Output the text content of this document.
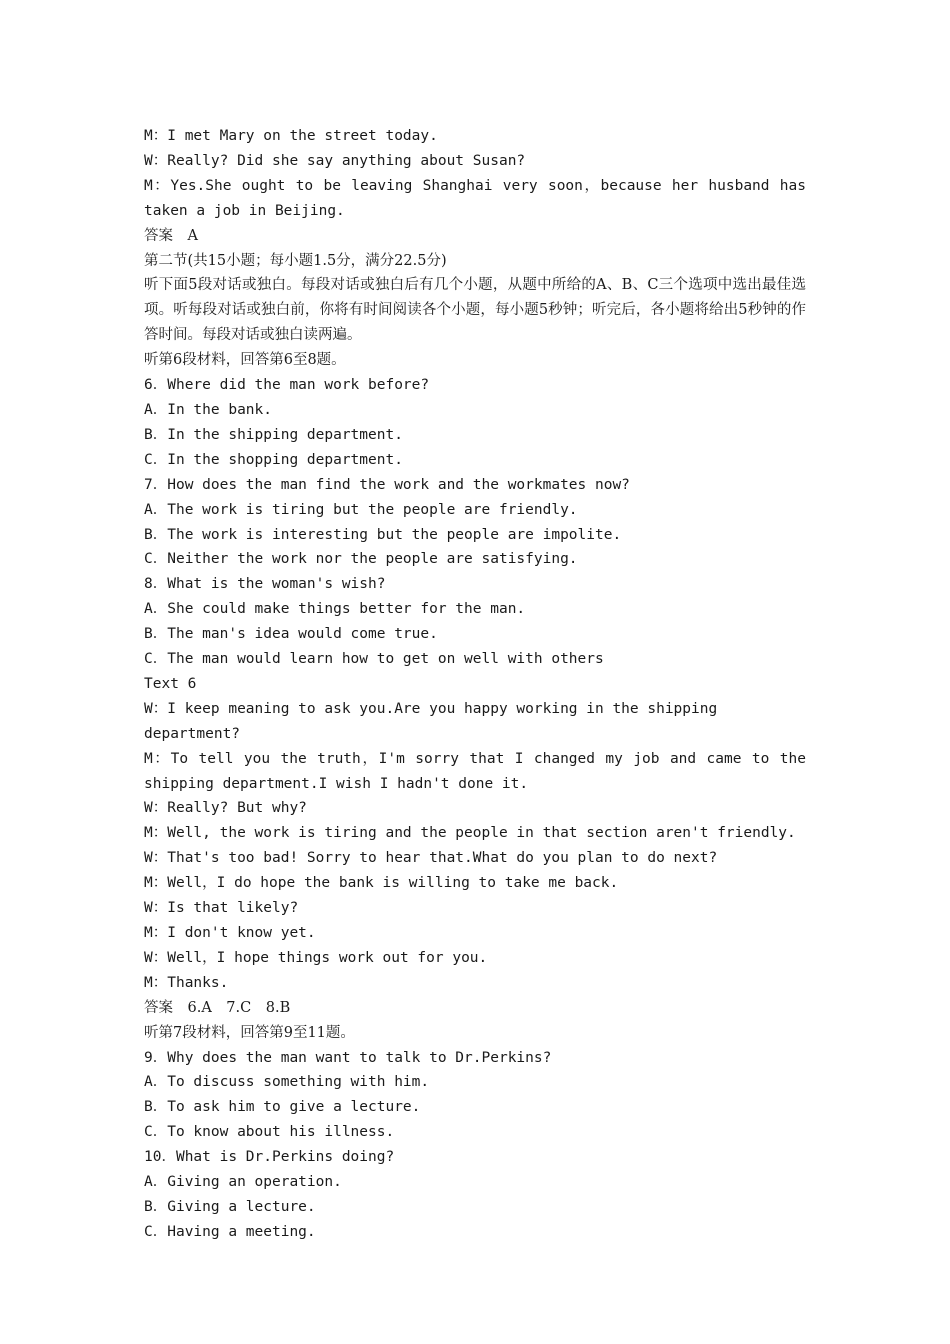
M：I met Mary on the street today.
W：Really? Did she say anything about Susan?
M：Yes.She ought to be leaving Shanghai very soon，because her husband has taken a job in Beijing.
答案　A
第二节(共15小题；每小题1.5分，满分22.5分)
听下面5段对话或独白。每段对话或独白后有几个小题，从题中所给的A、B、C三个选项中选出最佳选项。听每段对话或独白前，你将有时间阅读各个小题，每小题5秒钟；听完后，各小题将给出5秒钟的作答时间。每段对话或独白读两遍。
听第6段材料，回答第6至8题。
6．Where did the man work before?
A．In the bank.
B．In the shipping department.
C．In the shopping department.
7．How does the man find the work and the workmates now?
A．The work is tiring but the people are friendly.
B．The work is interesting but the people are impolite.
C．Neither the work nor the people are satisfying.
8．What is the woman's wish?
A．She could make things better for the man.
B．The man's idea would come true.
C．The man would learn how to get on well with others
Text 6
W：I keep meaning to ask you.Are you happy working in the shipping department?
M：To tell you the truth，I'm sorry that I changed my job and came to the shipping department.I wish I hadn't done it.
W：Really? But why?
M：Well, the work is tiring and the people in that section aren't friendly.
W：That's too bad! Sorry to hear that.What do you plan to do next?
M：Well，I do hope the bank is willing to take me back.
W：Is that likely?
M：I don't know yet.
W：Well，I hope things work out for you.
M：Thanks.
答案　6.A　7.C　8.B
听第7段材料，回答第9至11题。
9．Why does the man want to talk to Dr.Perkins?
A．To discuss something with him.
B．To ask him to give a lecture.
C．To know about his illness.
10．What is Dr.Perkins doing?
A．Giving an operation.
B．Giving a lecture.
C．Having a meeting.
